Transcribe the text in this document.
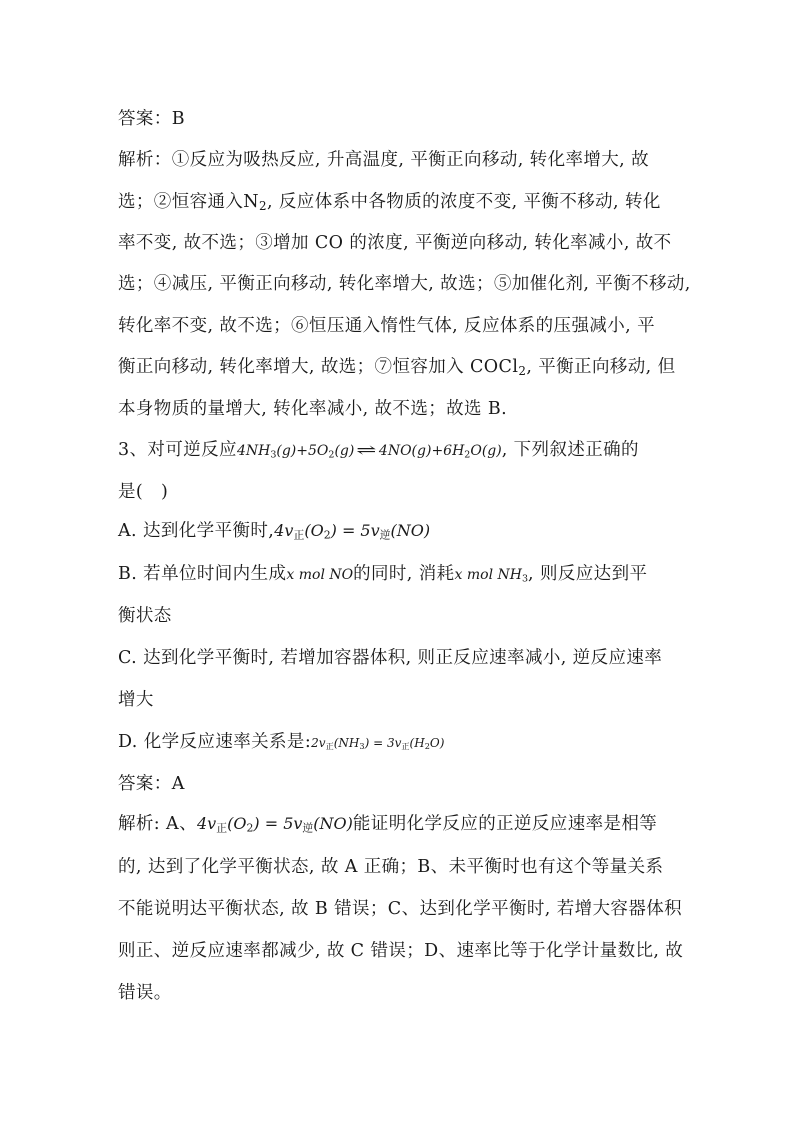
答案：B
解析：①反应为吸热反应, 升高温度, 平衡正向移动, 转化率增大, 故
选；②恒容通入$N_2$, 反应体系中各物质的浓度不变, 平衡不移动, 转化
率不变, 故不选；③增加 CO 的浓度, 平衡逆向移动, 转化率减小, 故不
选；④减压, 平衡正向移动, 转化率增大, 故选；⑤加催化剂, 平衡不移动,
转化率不变, 故不选；⑥恒压通入惰性气体, 反应体系的压强减小, 平
衡正向移动, 转化率增大, 故选；⑦恒容加入 COCl$_2$, 平衡正向移动, 但
本身物质的量增大, 转化率减小, 故不选；故选 B.
3、对可逆反应$4NH_3(g)+5O_2(g)$ ⇌ $4NO(g)+6H_2O(g)$, 下列叙述正确的
是(   )
A. 达到化学平衡时$,4v_正(O_2) = 5v_逆(NO)$
B. 若单位时间内生成x mol NO的同时, 消耗x mol $NH_3$, 则反应达到平
衡状态
C. 达到化学平衡时, 若增加容器体积, 则正反应速率减小, 逆反应速率
增大
D. 化学反应速率关系是$:2v_正(NH_3) = 3v_正(H_2O)$
答案：A
解析: A、$4v_正(O_2) = 5v_逆(NO)$能证明化学反应的正逆反应速率是相等
的, 达到了化学平衡状态, 故 A 正确；B、未平衡时也有这个等量关系
不能说明达平衡状态, 故 B 错误；C、达到化学平衡时, 若增大容器体积
则正、逆反应速率都减少, 故 C 错误；D、速率比等于化学计量数比, 故
错误。
